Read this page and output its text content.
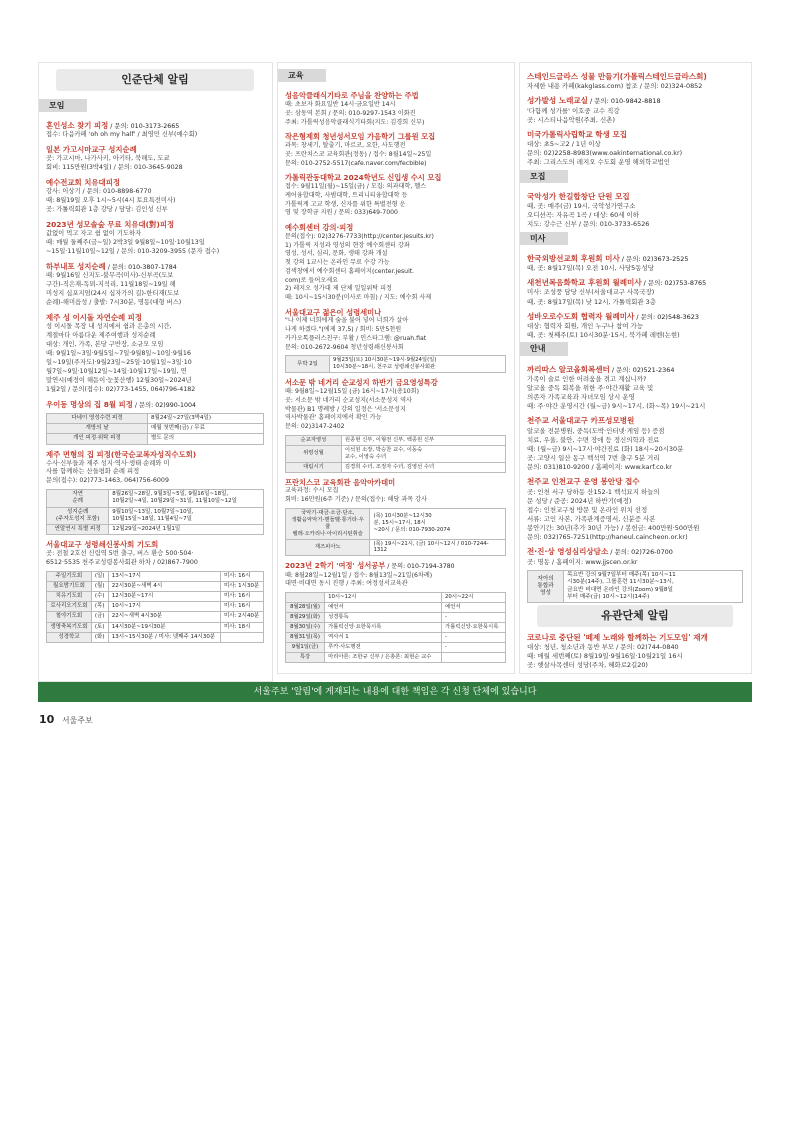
인준단체 알림
모임
혼인성소 찾기 피정 / 문의: 010-3173-2665
접수: 다음카페 'oh oh my half' / 최영민 신부(예수회)
일본 가고시마교구 성지순례
곳: 가고시마, 나가사키, 아키타, 북해도, 도쿄
회비: 115만원(3박4일) / 문의: 010-3645-9028
예수전교회 치유대피정
강사: 이상기 / 문의: 010-8898-6770
때: 8월19일 오후 1시~5시(4시 토요특전미사)
곳: 가톨릭회관 1층 강당 / 담당: 김인성 신부
2023년 성모솔숲 무료 치유대(對)피정
값없이 먹고 자고 쉼 없이 기도하자
때: 매월 둘째주(금~일) 2박3일 9월8일~10일·10월13일
~15일·11월10일~12일 / 문의: 010-3209-3955 (문자 접수)
하부내포 성지순례 / 문의: 010-3807-1784
때: 9월16일 신지도-불무곡(미사)-신부곡(도보
구간)-직은재-독뫼-지석리, 11월18일~19일 해
미성지 십포지엄(24시 십자가의 길)-한티재(도보
순례)-해미읍성 / 출발: 7시30분, 명동(대형 버스)
제주 성 이시돌 자연순례 피정
성 이시돌 목장 내 성지에서 쉼과 은총의 시간,
계절마다 아름다운 제주여행과 성지순례
대상: 개인, 가족, 본당 구반장, 소규모 모임
때: 9월1일~3일·9월5일~7일·9월8일~10일·9월16
일~19일(주자도)·9월23일~25일·10월1일~3일·10
월7일~9일·10월12일~14일·10월17일~19일, 연
말연시(예정이 해돋이·눈꽃산행) 12월30일~2024년
1월2일 / 문의(접수): 02)773-1455, 064)796-4182
우이동 명상의 집 8월 피정 / 문의: 02)990-1004
다네이 영성수련 피정	8월24일~27일(3박4일)
개방의 날	매월 첫번째(금) / 무료
개인 피정·위탁 피정	별도 문의
제주 면형의 집 피정(한국순교복자성직수도회)
수사·신부들과 제주 성지·역사·생태 순례와 미
사를 함께하는 산들평화 순례 피정
문의(접수): 02)773-1463, 064)756-6009
자연
순례	8월26일~28일, 9월3일~5일, 9월16일~18일,
10월2일~4일, 10월29일~31일, 11월10일~12일
성지순례
(주자도성지 포함)	9월10일~13일, 10월7일~10일,
10월15일~18일, 11월4일~7일
연말연시 특별 피정	12월29일~2024년 1월1일
서울대교구 성령쇄신봉사회 기도회
곳: 전철 2호선 신림역 5번 출구, 버스 환승 500·504·
6512·5535 천주교성령봉사회관 하차 / 02)867-7900
주일기도회	(일)	13시~17시	미사: 16시
월요밤기도회	(월)	22시30분~새벽 4시	미사: 1시30분
치유기도회	(수)	12시30분~17시	미사: 16시
로사리오기도회	(목)	10시~17시	미사: 16시
철야기도회	(금)	22시~새벽 4시30분	미사: 2시40분
생명축복기도회	(토)	14시30분~19시30분	미사: 18시
성경학교	(화)	13시~15시30분 / 미사: 넷째주 14시30분	
교육
성음악클래식기타로 주님을 찬양하는 주법
때: 초보자 화요일반 14시·금요일반 14시
곳: 삼동역 본회 / 문의: 010-9297-1543 이화진
주최: 가톨릭성음악클래식기타회(지도: 김경희 신부)
작은형제회 청년성서모임 가음학기 그룹원 모집
과목: 창세기, 탈출기, 마르코, 요한, 사도행전
곳: 프란치스코 교육회관(정동) / 접수: 8월14일~25일
문의: 010-2752-5517(cafe.naver.com/fecbible)
가톨릭관동대학교 2024학년도 신입생 수시 모집
접수: 9월11일(월)~15일(금) / 모집: 의과대학, 헬스
케어융합대학, 사범대학, 트리니티융합대학 등
가톨릭계 고교 학생, 신자를 위한 특별전형 운
영 및 장학금 지원 / 문의: 033)649-7000
예수회센터 강의·피정
문의(접수): 02)3276-7733(http://center.jesuits.kr)
1) 가톨릭 지성과 영성의 현장 예수회센터 강좌
영성, 성서, 심리, 문화, 생태 강좌 개설
첫 강의 1교시는 온라인 무료 수강 가능
검색창에서 예수회센터 홈페이지(center.jesuit.
com)로 들어오세요
2) 레지오 성가대 제 단체 일일위탁 피정
때: 10시~15시30분(미사로 마침) / 지도: 예수회 사제
서울대교구 젊은이 성령세미나
"나 이제 너희에게 숨을 불어 넣어 너희가 살아
나게 하겠다."(에제 37,5) / 회비: 5만5천원
카카오톡플러스친구: 부활 / 인스타그램: @ruah.fiat
문의: 010-2672-9604 청년성령쇄신봉사회
무박 2일	9월23일(토) 10시30분~19시·9월24일(일)
10시30분~18시, 천주교 성령쇄신봉사회관
서소문 밖 네거리 순교성지 하반기 금요영성특강
때: 9월8일~12월15일 (금) 16시~17시(총10회)
곳: 서소문 밖 네거리 순교성지(서소문성지 역사
박물관) B1 명례방 / 강의 일정은 '서소문성지
역사박물관' 홈페이지에서 확인 가능
문의: 02)3147-2402
순교자영성	원종현 신부, 이형전 신부, 백종원 신부
위령성월	이석원 소장, 박승찬 교수, 이동숙
교수, 이영숙 수녀
대림시기	김경희 수녀, 조정자 수녀, 김영선 수녀
프란치스코 교육회관 음악아카데미
교육과정: 수시 모집
회비: 16만원(6주 기준) / 문의(접수): 해당 과목 강사
국악기-대금·소금·단소,
생활음악악기-핸들벨·통기타·우쿨
렐레·오카리나·아이리시틴휘슬	(목) 10시30분~12시30
분, 15시~17시, 18시
~20시 / 문의: 010-7930-2074
재즈피아노	(목) 19시~21시, (금) 10시~12시 / 010-7244-1312
2023년 2학기 '여정' 성서공부 / 문의: 010-7194-3780
때: 8월28일~12월1일 / 접수: 8월13일~21일(6차례)
대면·비대면 동시 진행 / 주최: 여정성서교육관
	10시~12시	20시~22시
8월28일(월)	예언서	예언서
8월29일(화)	성경통독	-
8월30일(수)	가톨릭신앙·요한묵시록	가톨릭신앙·요한묵시록
8월31일(목)	역사서 1	-
9월1일(금)	루카·사도행전	-
특강	마리아론: 조한규 신부 / 은총론: 최현순 교수	
스테인드글라스 성물 만들기(가톨릭스테인드글라스회)
자세한 내용 카페(kakglass.com) 참조 / 문의: 02)324-0852
성가발성 노래교실 / 문의: 010-9842-8818
'다함께 성가를' 이호중 교수 직강
곳: 시스티나음악원(주최, 신촌)
미국가톨릭사립학교 학생 모집
대상: 초5~고2 / 1년 이상
문의: 02)2258-8983(www.oakinternational.co.kr)
주최: 그리스도의 레지오 수도회 운영 해외학교법인
모집
국악성가 한길합창단 단원 모집
때, 곳: 매주(금) 19시, 국악성가연구소
오디션곡: 자유곡 1곡 / 대상: 60세 이하
지도: 강수근 신부 / 문의: 010-3733-6526
미사
한국외방선교회 후원회 미사 / 문의: 02)3673-2525
때, 곳: 8월17일(목) 오전 10시, 사당5동성당
새천년복음화학교 후원회 월례미사 / 문의: 02)753-8765
미사: 조성풍 담당 신부(서울대교구 사목국장)
때, 곳: 8월17일(목) 낮 12시, 가톨릭회관 3층
성바오로수도회 협력자 월례미사 / 문의: 02)548-3623
대상: 협력자 회원, 개인 누구나 참여 가능
때, 곳: 첫째주(토) 10시30분·15시, 북가페 레벤(논현)
안내
까리따스 알코올회복센터 / 문의: 02)521-2364
가족이 술로 인한 어려움을 겪고 계십니까?
알코올 중독 회복을 위한 주·야간재활 교육 및
의존자 가족교육과 자녀모임 상시 운영
때: 주·야간 운영시간 (월~금) 9시~17시, (화~목) 19시~21시
천주교 서울대교구 카프성모병원
알코올 전문병원, 중독(도박·인터넷·게임 등) 증점
치료, 우울, 불안, 수면 장애 등 정신의학과 진료
때: (월~금) 9시~17시·야간진료 (화) 18시~20시30분
곳: 고양시 일산 동구 백석역 7번 출구 5분 거리
문의: 031)810-9200 / 홈페이지: www.karf.co.kr
천주교 인천교구 운영 봉안당 접수
곳: 인천 서구 당하동 산152-1 백석묘지 하늘의
문 성당 / 준공: 2024년 하반기(예정)
접수: 인천교구청 방문 및 온라인 위치 선정
서류: 고인 사본, 가족관계증명서, 신분증 사본
봉안기간: 30년(추가 30년 가능) / 봉헌금: 400만원·500만원
문의: 032)765-7251(http://haneul.caincheon.or.kr)
전·진·상 영성심리상담소 / 문의: 02)726-0700
곳: 명동 / 홈페이지: www.jjscen.or.kr
자아의
통합과
영성	목요반 강의 9월7일부터 매주(목) 10시~11
시30분(14주), 그룹훈련 11시30분~13시,
금요반 비대면 온라인 강의(Zoom) 9월8일
부터 매주(금) 10시~12시(14주)
유관단체 알림
코로나로 중단된 '떼제 노래와 함께하는 기도모임' 재개
대상: 청년, 청소년과 동반 부모 / 문의: 02)744-0840
때: 매월 세번째(토) 8월19일·9월16일·10월21일 16시
곳: 햇살사목센터 성당(주차, 혜화로2길20)
서울주보 '알림'에 게재되는 내용에 대한 책임은 각 신청 단체에 있습니다
10 서울주보
